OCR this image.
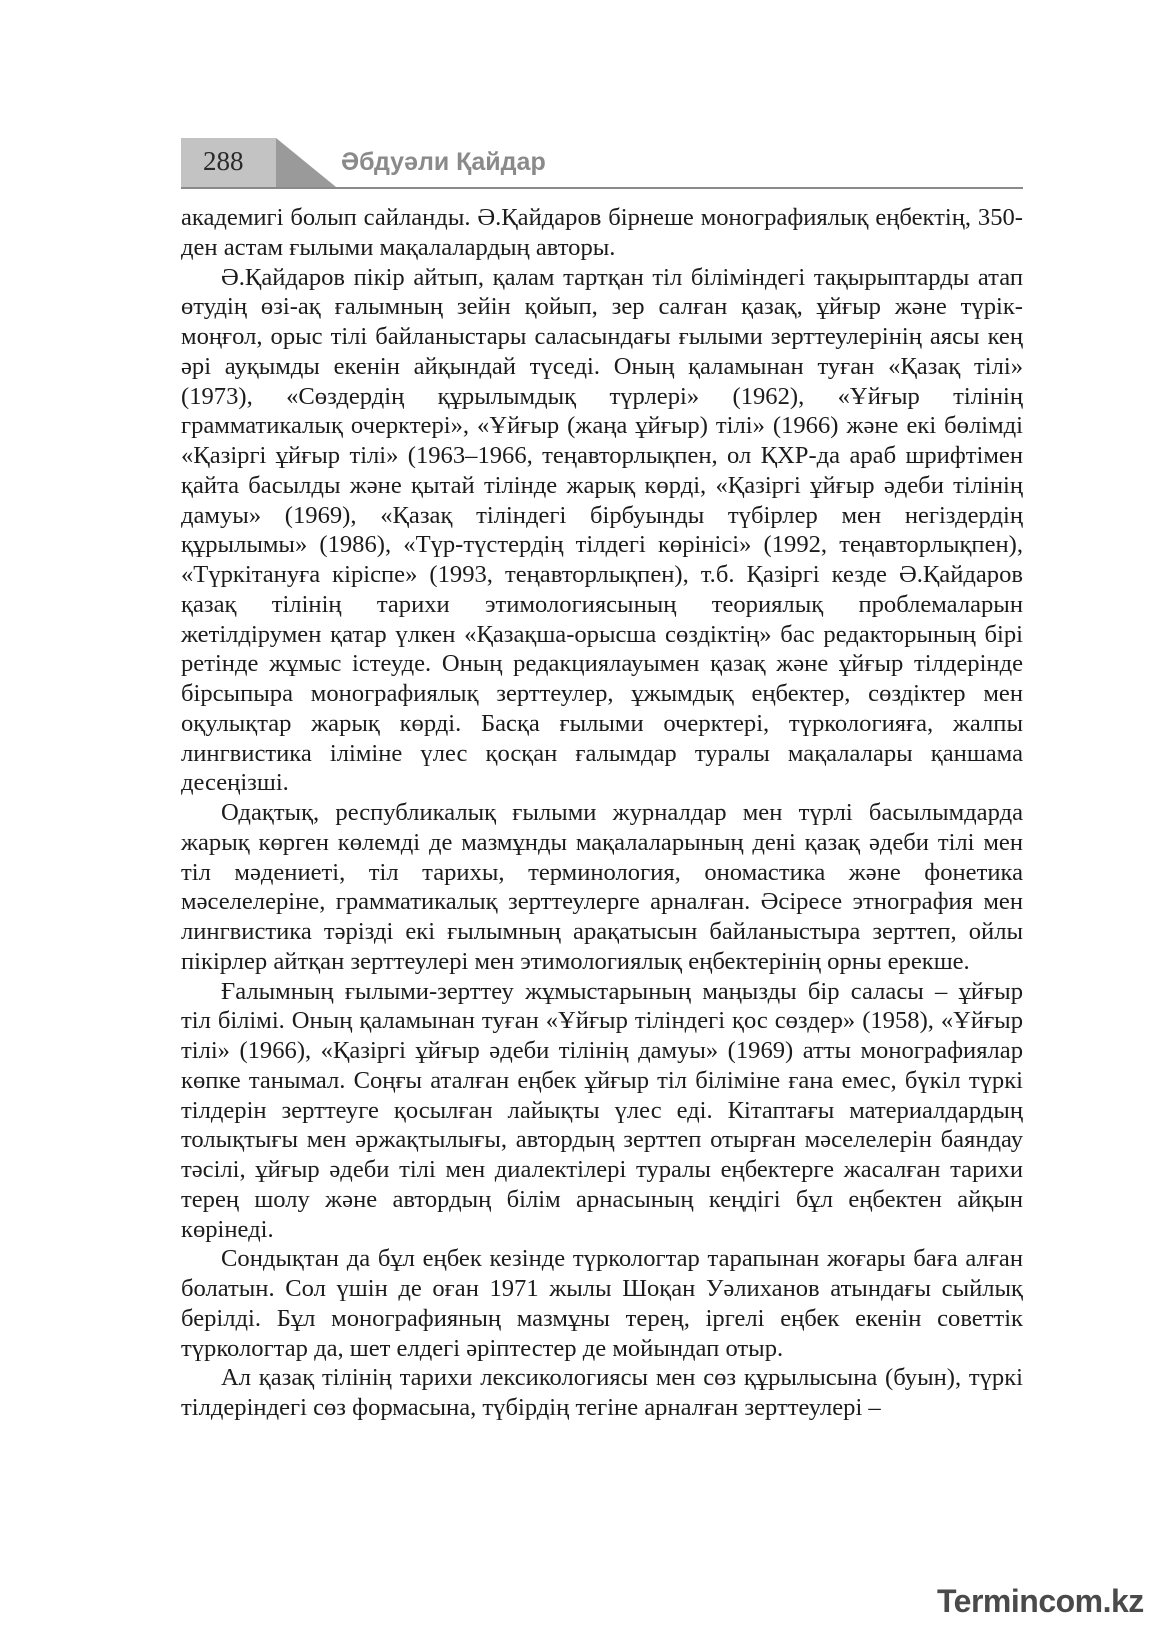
288	Әбдуәли Қайдар

академигі болып сайланды. Ә.Қайдаров бірнеше монографиялық еңбектің, 350-ден астам ғылыми мақалалардың авторы.

Ә.Қайдаров пікір айтып, қалам тартқан тіл біліміндегі тақырыптарды атап өтудің өзі-ақ ғалымның зейін қойып, зер салған қазақ, ұйғыр және түрік-моңғол, орыс тілі байланыстары саласындағы ғылыми зерттеулерінің аясы кең әрі ауқымды екенін айқындай түседі. Оның қаламынан туған «Қазақ тілі» (1973), «Сөздердің құрылымдық түрлері» (1962), «Ұйғыр тілінің грамматикалық очерктері», «Ұйғыр (жаңа ұйғыр) тілі» (1966) және екі бөлімді «Қазіргі ұйғыр тілі» (1963–1966, теңавторлықпен, ол ҚХР-да араб шрифтімен қайта басылды және қытай тілінде жарық көрді, «Қазіргі ұйғыр әдеби тілінің дамуы» (1969), «Қазақ тіліндегі бірбуынды түбірлер мен негіздердің құрылымы» (1986), «Түр-түстердің тілдегі көрінісі» (1992, теңавторлықпен), «Түркітануға кіріспе» (1993, теңавторлықпен), т.б. Қазіргі кезде Ә.Қайдаров қазақ тілінің тарихи этимологиясының теориялық проблемаларын жетілдірумен қатар үлкен «Қазақша-орысша сөздіктің» бас редакторының бірі ретінде жұмыс істеуде. Оның редакциялауымен қазақ және ұйғыр тілдерінде бірсыпыра монографиялық зерттеулер, ұжымдық еңбектер, сөздіктер мен оқулықтар жарық көрді. Басқа ғылыми очерктері, түркологияға, жалпы лингвистика іліміне үлес қосқан ғалымдар туралы мақалалары қаншама десеңізші.

Одақтық, республикалық ғылыми журналдар мен түрлі басылымдарда жарық көрген көлемді де мазмұнды мақалаларының дені қазақ әдеби тілі мен тіл мәдениеті, тіл тарихы, терминология, ономастика және фонетика мәселелеріне, грамматикалық зерттеулерге арналған. Әсіресе этнография мен лингвистика тәрізді екі ғылымның арақатысын байланыстыра зерттеп, ойлы пікірлер айтқан зерттеулері мен этимологиялық еңбектерінің орны ерекше.

Ғалымның ғылыми-зерттеу жұмыстарының маңызды бір саласы – ұйғыр тіл білімі. Оның қаламынан туған «Ұйғыр тіліндегі қос сөздер» (1958), «Ұйғыр тілі» (1966), «Қазіргі ұйғыр әдеби тілінің дамуы» (1969) атты монографиялар көпке танымал. Соңғы аталған еңбек ұйғыр тіл біліміне ғана емес, бүкіл түркі тілдерін зерттеуге қосылған лайықты үлес еді. Кітаптағы материалдардың толықтығы мен әржақтылығы, автордың зерттеп отырған мәселелерін баяндау тәсілі, ұйғыр әдеби тілі мен диалектілері туралы еңбектерге жасалған тарихи терең шолу және автордың білім арнасының кеңдігі бұл еңбектен айқын көрінеді.

Сондықтан да бұл еңбек кезінде түркологтар тарапынан жоғары баға алған болатын. Сол үшін де оған 1971 жылы Шоқан Уәлиханов атындағы сыйлық берілді. Бұл монографияның мазмұны терең, іргелі еңбек екенін советтік түркологтар да, шет елдегі әріптестер де мойындап отыр.

Ал қазақ тілінің тарихи лексикологиясы мен сөз құрылысына (буын), түркі тілдеріндегі сөз формасына, түбірдің тегіне арналған зерттеулері –

Termincom.kz
